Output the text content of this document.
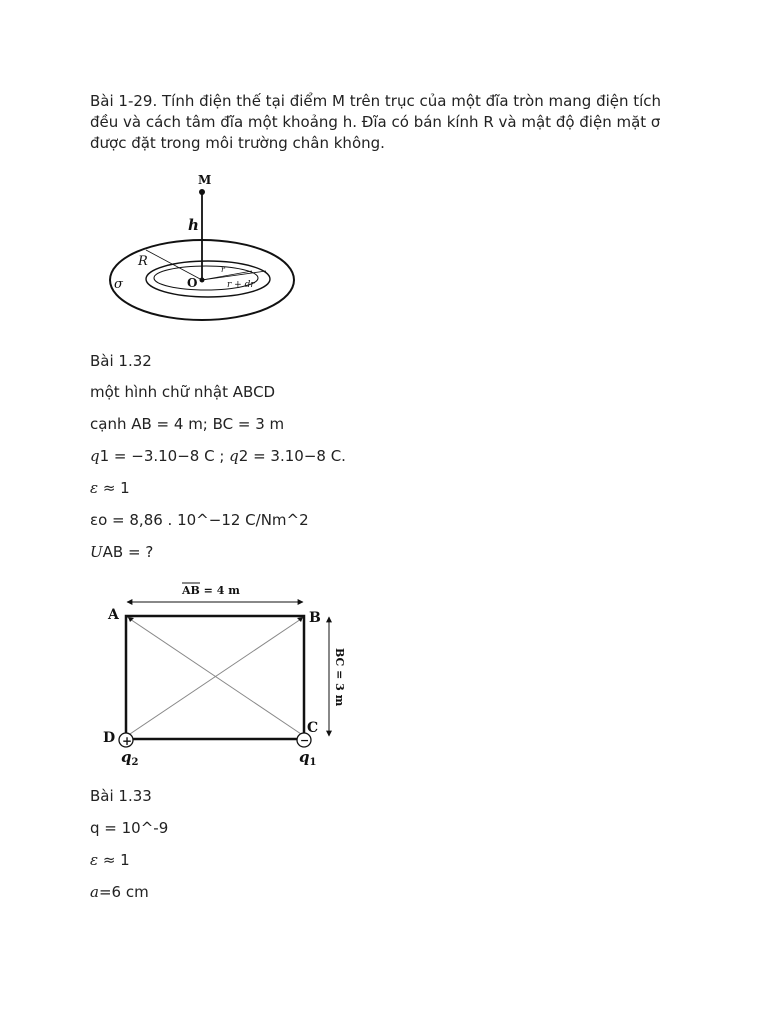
Bài 1-29. Tính điện thế tại điểm M trên trục của một đĩa tròn mang điện tích
đều và cách tâm đĩa một khoảng h. Đĩa có bán kính R và mật độ điện mặt σ
được đặt trong môi trường chân không.
M
h
R
O
σ
r
r + dr
Bài 1.32
một hình chữ nhật ABCD
cạnh AB = 4 m; BC = 3 m
q1 = −3.10−8 C ; q2 = 3.10−8 C.
ε ≈ 1
εo = 8,86 . 10^−12 C/Nm^2
UAB = ?
+	−
AB = 4 m
BC = 3 m
A	B
C
D
$q_2$	$q_1$
Bài 1.33
q = 10^-9
ε ≈ 1
a=6 cm
